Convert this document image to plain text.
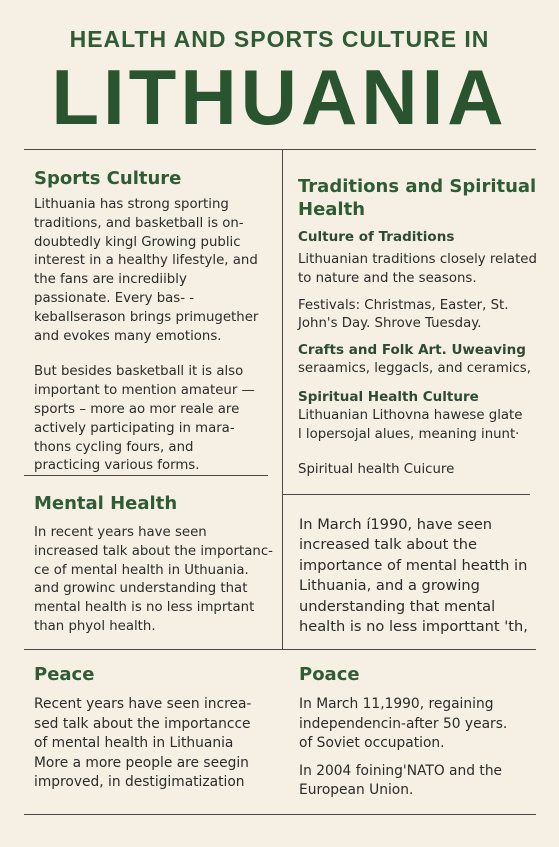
HEALTH AND SPORTS CULTURE IN
LITHUANIA
Sports Culture

Lithuania has strong sporting
traditions, and basketball is on-
doubtedly kingl Growing public
interest in a healthy lifestyle, and
the fans are incrediibly
passionate. Every bas- -
keballserason brings primugether
and evokes many emotions.

But besides basketball it is also
important to mention amateur —
sports – more ao mor reale are
actively participating in mara-
thons cycling fours, and
practicing various forms.

Traditions and Spiritual
Health
Culture of Traditions

Lithuanian traditions closely related
to nature and the seasons.

Festivals: Christmas, Easter, St.
John's Day. Shrove Tuesday.

Crafts and Folk Art. Uweaving

seraamics, leggacls, and ceramics,

Spiritual Health Culture

Lithuanian Lithovna hawese glate
l lopersojal alues, meaning inunt·

Spiritual health Cuicure

Mental Health

In recent years have seen
increased talk about the importanc-
ce of mental health in Uthuania.
and growinc understanding that
mental health is no less imprtant
than phyol health.

In March í1990, have seen
increased talk about the
importance of mental heatth in
Lithuania, and a growing
understanding that mental
health is no less importtant 'th,

Peace

Recent years have seen increa-
sed talk about the importancce
of mental health in Lithuania
More a more people are seegin
improved, in destigimatization

Poace

In March 11,1990, regaining
independencin-after 50 years.
of Soviet occupation.

In 2004 foining'NATO and the
European Union.
